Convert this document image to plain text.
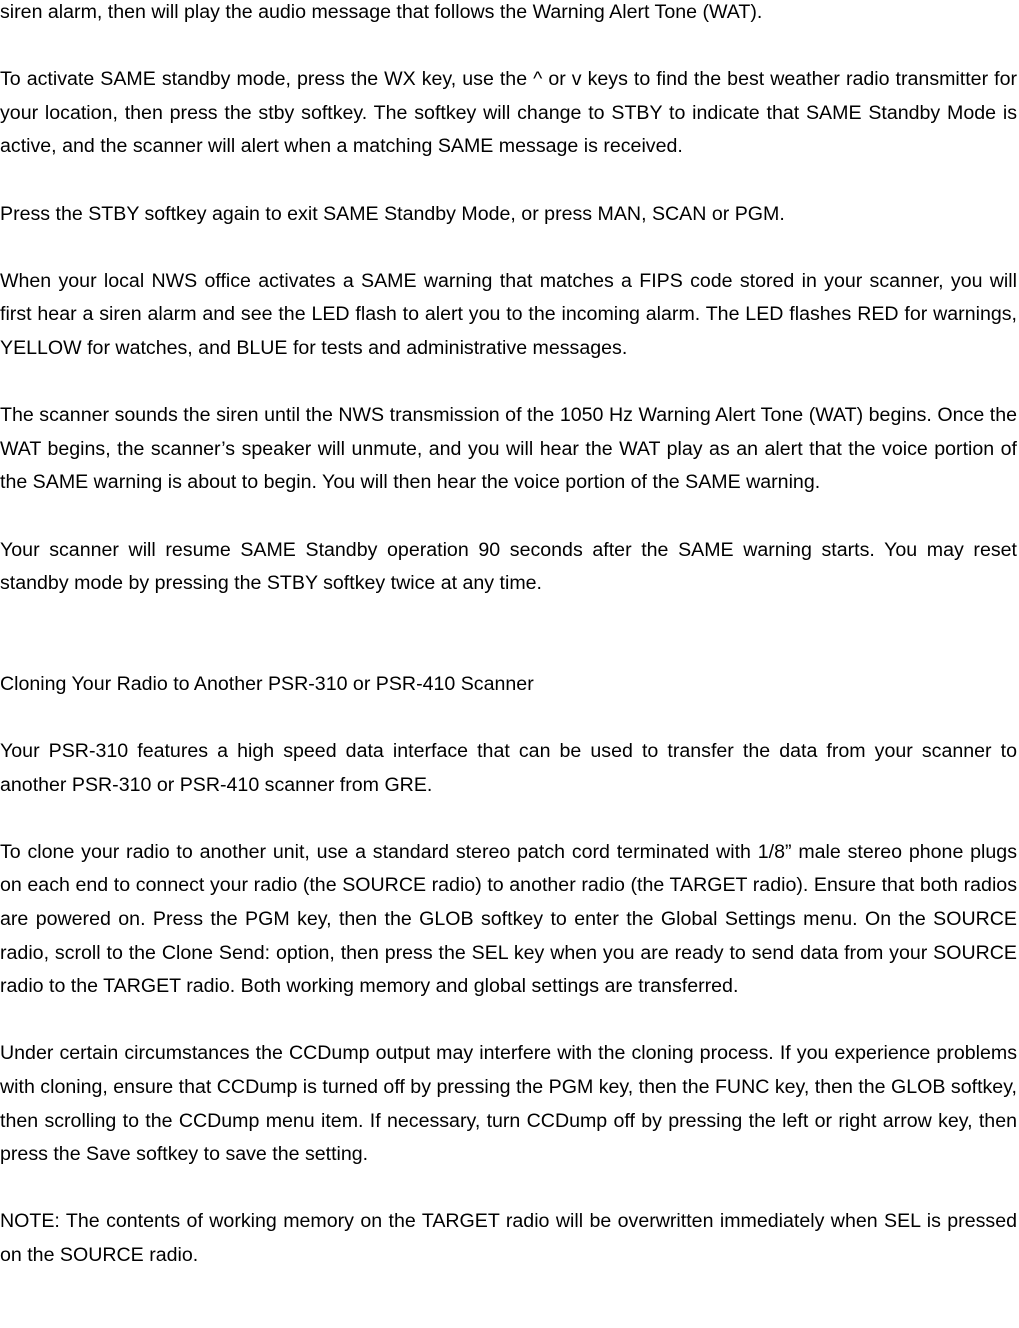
siren alarm, then will play the audio message that follows the Warning Alert Tone (WAT).

To activate SAME standby mode, press the WX key, use the ^ or v keys to find the best weather radio transmitter for your location, then press the stby softkey. The softkey will change to STBY to indicate that SAME Standby Mode is active, and the scanner will alert when a matching SAME message is received.

Press the STBY softkey again to exit SAME Standby Mode, or press MAN, SCAN or PGM.

When your local NWS office activates a SAME warning that matches a FIPS code stored in your scanner, you will first hear a siren alarm and see the LED flash to alert you to the incoming alarm. The LED flashes RED for warnings, YELLOW for watches, and BLUE for tests and administrative messages.

The scanner sounds the siren until the NWS transmission of the 1050 Hz Warning Alert Tone (WAT) begins. Once the WAT begins, the scanner’s speaker will unmute, and you will hear the WAT play as an alert that the voice portion of the SAME warning is about to begin. You will then hear the voice portion of the SAME warning.

Your scanner will resume SAME Standby operation 90 seconds after the SAME warning starts. You may reset standby mode by pressing the STBY softkey twice at any time.

Cloning Your Radio to Another PSR-310 or PSR-410 Scanner

Your PSR-310 features a high speed data interface that can be used to transfer the data from your scanner to another PSR-310 or PSR-410 scanner from GRE.

To clone your radio to another unit, use a standard stereo patch cord terminated with 1/8” male stereo phone plugs on each end to connect your radio (the SOURCE radio) to another radio (the TARGET radio). Ensure that both radios are powered on. Press the PGM key, then the GLOB softkey to enter the Global Settings menu. On the SOURCE radio, scroll to the Clone Send: option, then press the SEL key when you are ready to send data from your SOURCE radio to the TARGET radio. Both working memory and global settings are transferred.

Under certain circumstances the CCDump output may interfere with the cloning process. If you experience problems with cloning, ensure that CCDump is turned off by pressing the PGM key, then the FUNC key, then the GLOB softkey, then scrolling to the CCDump menu item. If necessary, turn CCDump off by pressing the left or right arrow key, then press the Save softkey to save the setting.

NOTE: The contents of working memory on the TARGET radio will be overwritten immediately when SEL is pressed on the SOURCE radio.
